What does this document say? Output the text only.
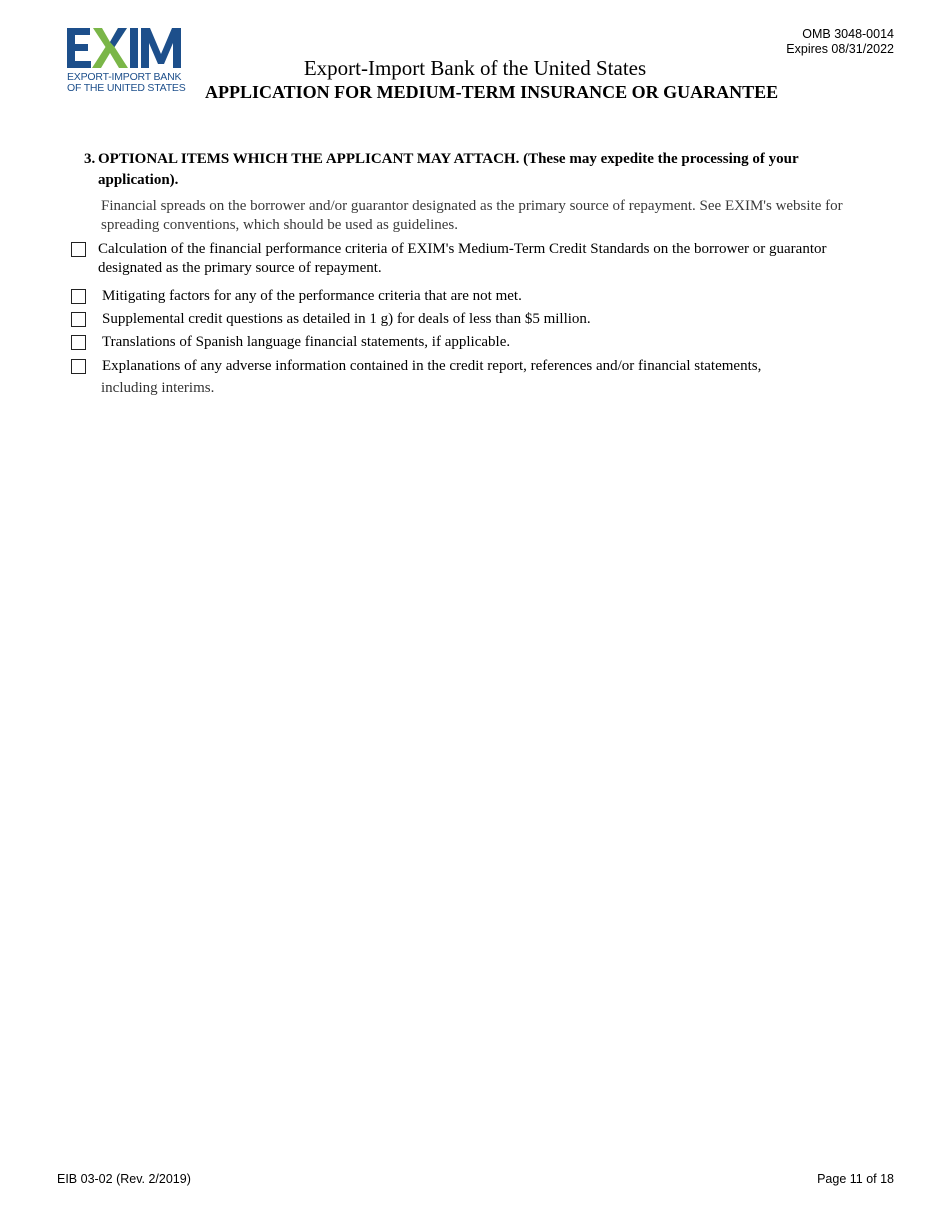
EXPORT-IMPORT BANK
OF THE UNITED STATES
OMB 3048-0014
Expires 08/31/2022
Export-Import Bank of the United States
APPLICATION FOR MEDIUM-TERM INSURANCE OR GUARANTEE
3. OPTIONAL ITEMS WHICH THE APPLICANT MAY ATTACH. (These may expedite the processing of your application).
Financial spreads on the borrower and/or guarantor designated as the primary source of repayment. See EXIM's website for spreading conventions, which should be used as guidelines.
Calculation of the financial performance criteria of EXIM's Medium-Term Credit Standards on the borrower or guarantor designated as the primary source of repayment.
Mitigating factors for any of the performance criteria that are not met.
Supplemental credit questions as detailed in 1 g) for deals of less than $5 million.
Translations of Spanish language financial statements, if applicable.
Explanations of any adverse information contained in the credit report, references and/or financial statements,
including interims.
EIB 03-02 (Rev. 2/2019)	Page 11 of 18
